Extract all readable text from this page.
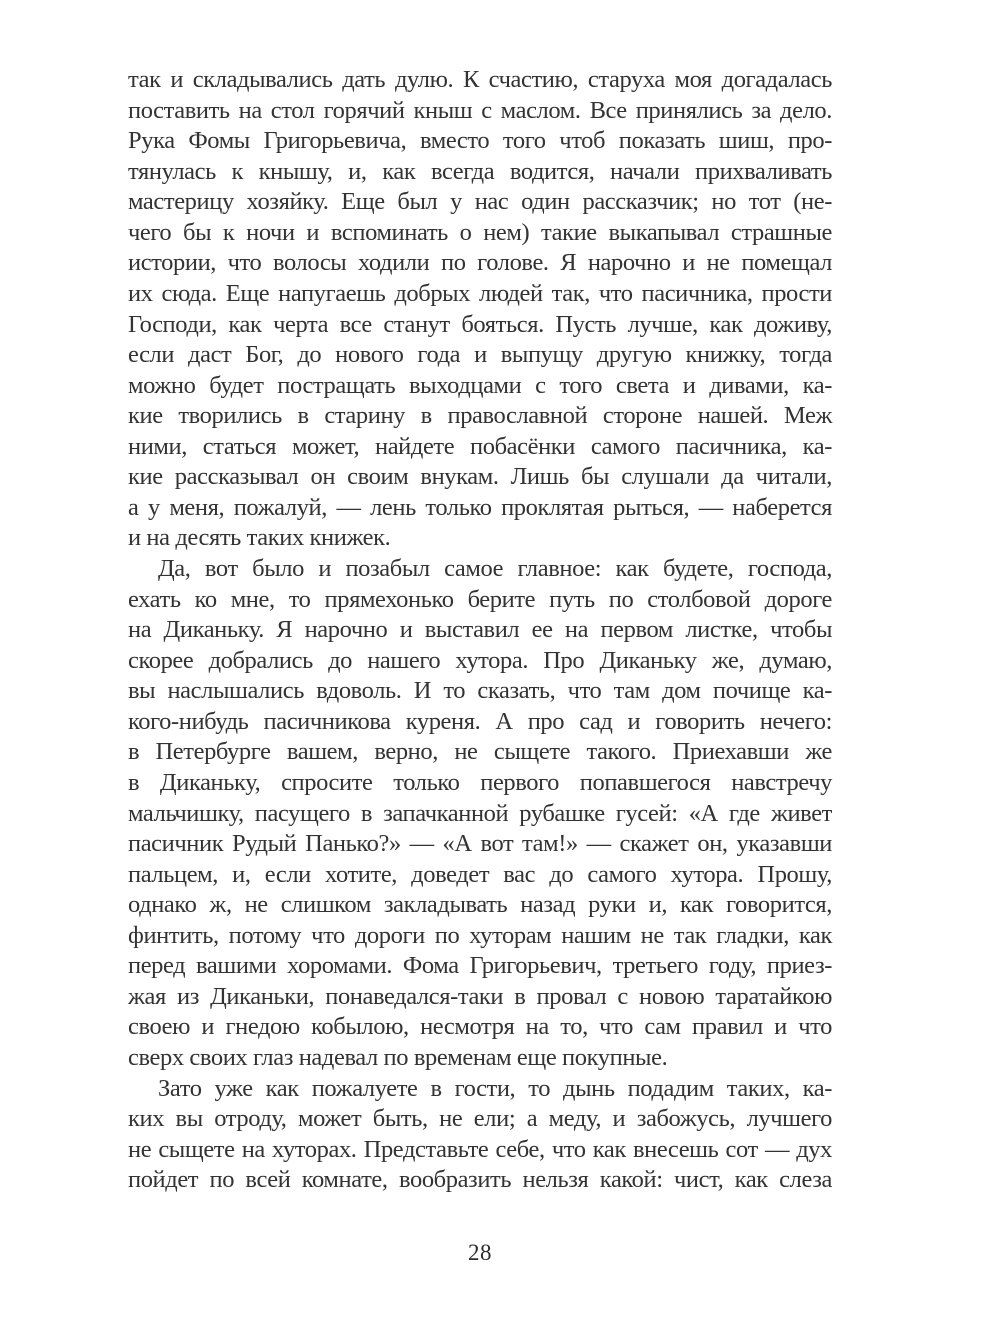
так и складывались дать дулю. К счастию, старуха моя догадалась
поставить на стол горячий кныш с маслом. Все принялись за дело.
Рука Фомы Григорьевича, вместо того чтоб показать шиш, про-
тянулась к кнышу, и, как всегда водится, начали прихваливать
мастерицу хозяйку. Еще был у нас один рассказчик; но тот (не-
чего бы к ночи и вспоминать о нем) такие выкапывал страшные
истории, что волосы ходили по голове. Я нарочно и не помещал
их сюда. Еще напугаешь добрых людей так, что пасичника, прости
Господи, как черта все станут бояться. Пусть лучше, как доживу,
если даст Бог, до нового года и выпущу другую книжку, тогда
можно будет постращать выходцами с того света и дивами, ка-
кие творились в старину в православной стороне нашей. Меж
ними, статься может, найдете побасёнки самого пасичника, ка-
кие рассказывал он своим внукам. Лишь бы слушали да читали,
а у меня, пожалуй, — лень только проклятая рыться, — наберется
и на десять таких книжек.
Да, вот было и позабыл самое главное: как будете, господа,
ехать ко мне, то прямехонько берите путь по столбовой дороге
на Диканьку. Я нарочно и выставил ее на первом листке, чтобы
скорее добрались до нашего хутора. Про Диканьку же, думаю,
вы наслышались вдоволь. И то сказать, что там дом почище ка-
кого-нибудь пасичникова куреня. А про сад и говорить нечего:
в Петербурге вашем, верно, не сыщете такого. Приехавши же
в Диканьку, спросите только первого попавшегося навстречу
мальчишку, пасущего в запачканной рубашке гусей: «А где живет
пасичник Рудый Панько?» — «А вот там!» — скажет он, указавши
пальцем, и, если хотите, доведет вас до самого хутора. Прошу,
однако ж, не слишком закладывать назад руки и, как говорится,
финтить, потому что дороги по хуторам нашим не так гладки, как
перед вашими хоромами. Фома Григорьевич, третьего году, приез-
жая из Диканьки, понаведался-таки в провал с новою таратайкою
своею и гнедою кобылою, несмотря на то, что сам правил и что
сверх своих глаз надевал по временам еще покупные.
Зато уже как пожалуете в гости, то дынь подадим таких, ка-
ких вы отроду, может быть, не ели; а меду, и забожусь, лучшего
не сыщете на хуторах. Представьте себе, что как внесешь сот — дух
пойдет по всей комнате, вообразить нельзя какой: чист, как слеза
28
